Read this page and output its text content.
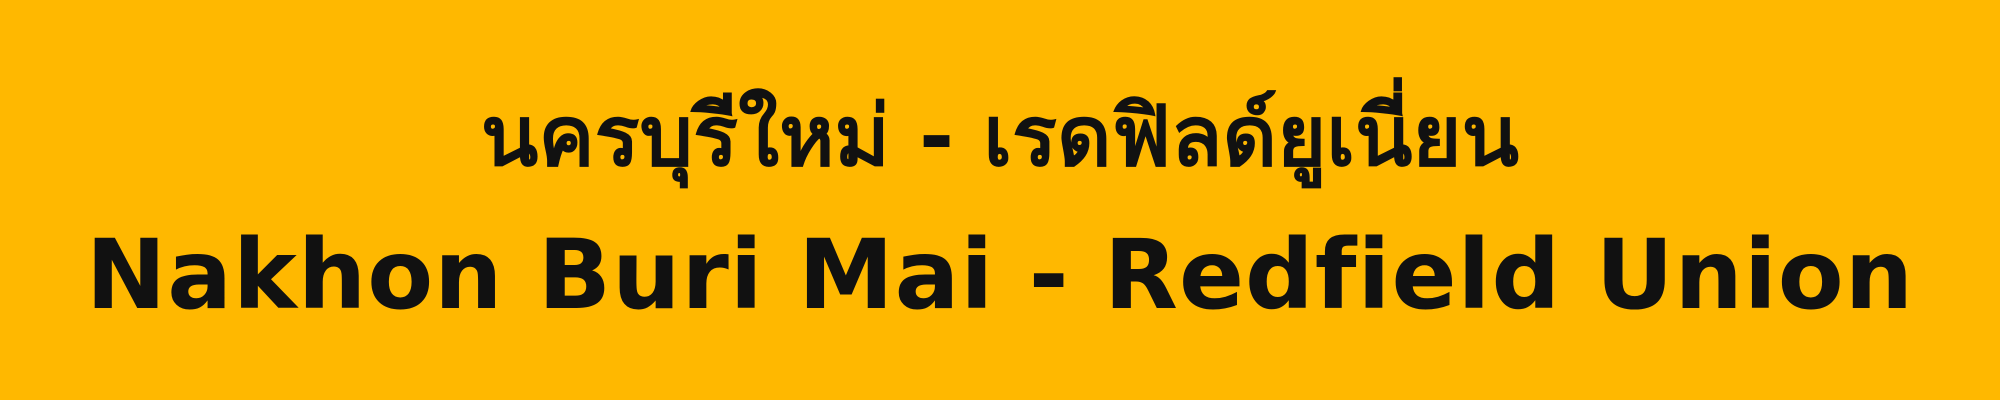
นครบุรีใหม่ - เรดฟิลด์ยูเนี่ยน
Nakhon Buri Mai - Redfield Union
